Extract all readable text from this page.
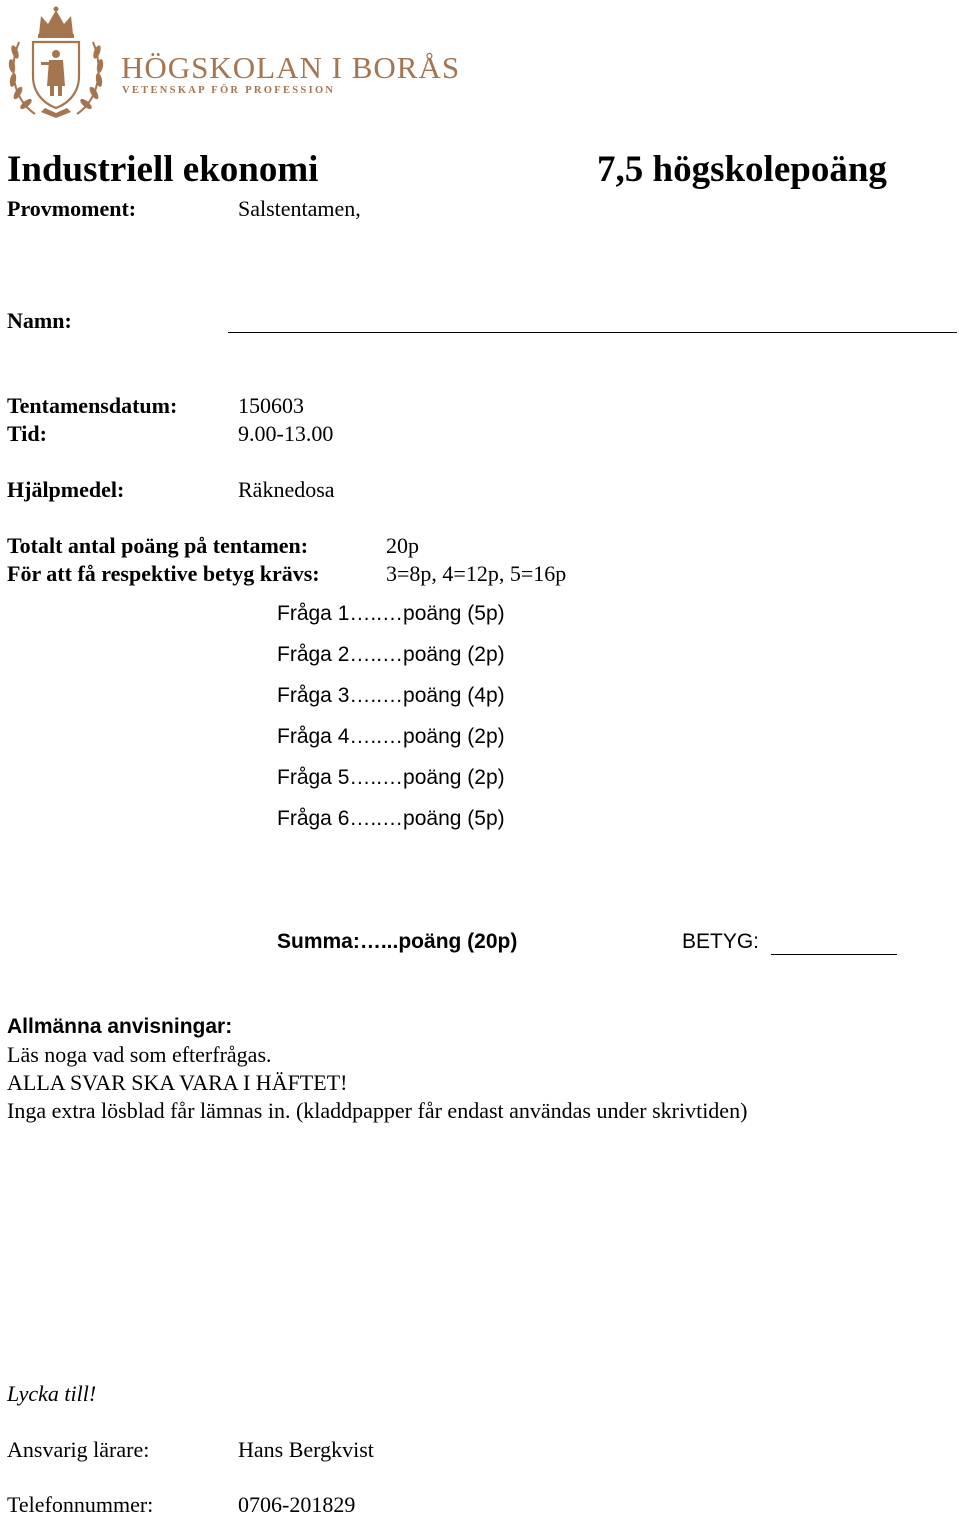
HÖGSKOLAN I BORÅS
VETENSKAP FÖR PROFESSION
Industriell ekonomi	7,5 högskolepoäng
Provmoment:	Salstentamen,
Namn:
Tentamensdatum:	150603
Tid:	9.00-13.00
Hjälpmedel:	Räknedosa
Totalt antal poäng på tentamen:	20p
För att få respektive betyg krävs:	3=8p, 4=12p, 5=16p
Fråga 1…..…poäng (5p)
Fråga 2…..…poäng (2p)
Fråga 3…..…poäng (4p)
Fråga 4…..…poäng (2p)
Fråga 5…..…poäng (2p)
Fråga 6…..…poäng (5p)
Summa:…...poäng (20p)	BETYG:
Allmänna anvisningar:
Läs noga vad som efterfrågas.
ALLA SVAR SKA VARA I HÄFTET!
Inga extra lösblad får lämnas in. (kladdpapper får endast användas under skrivtiden)
Lycka till!
Ansvarig lärare:	Hans Bergkvist
Telefonnummer:	0706-201829
